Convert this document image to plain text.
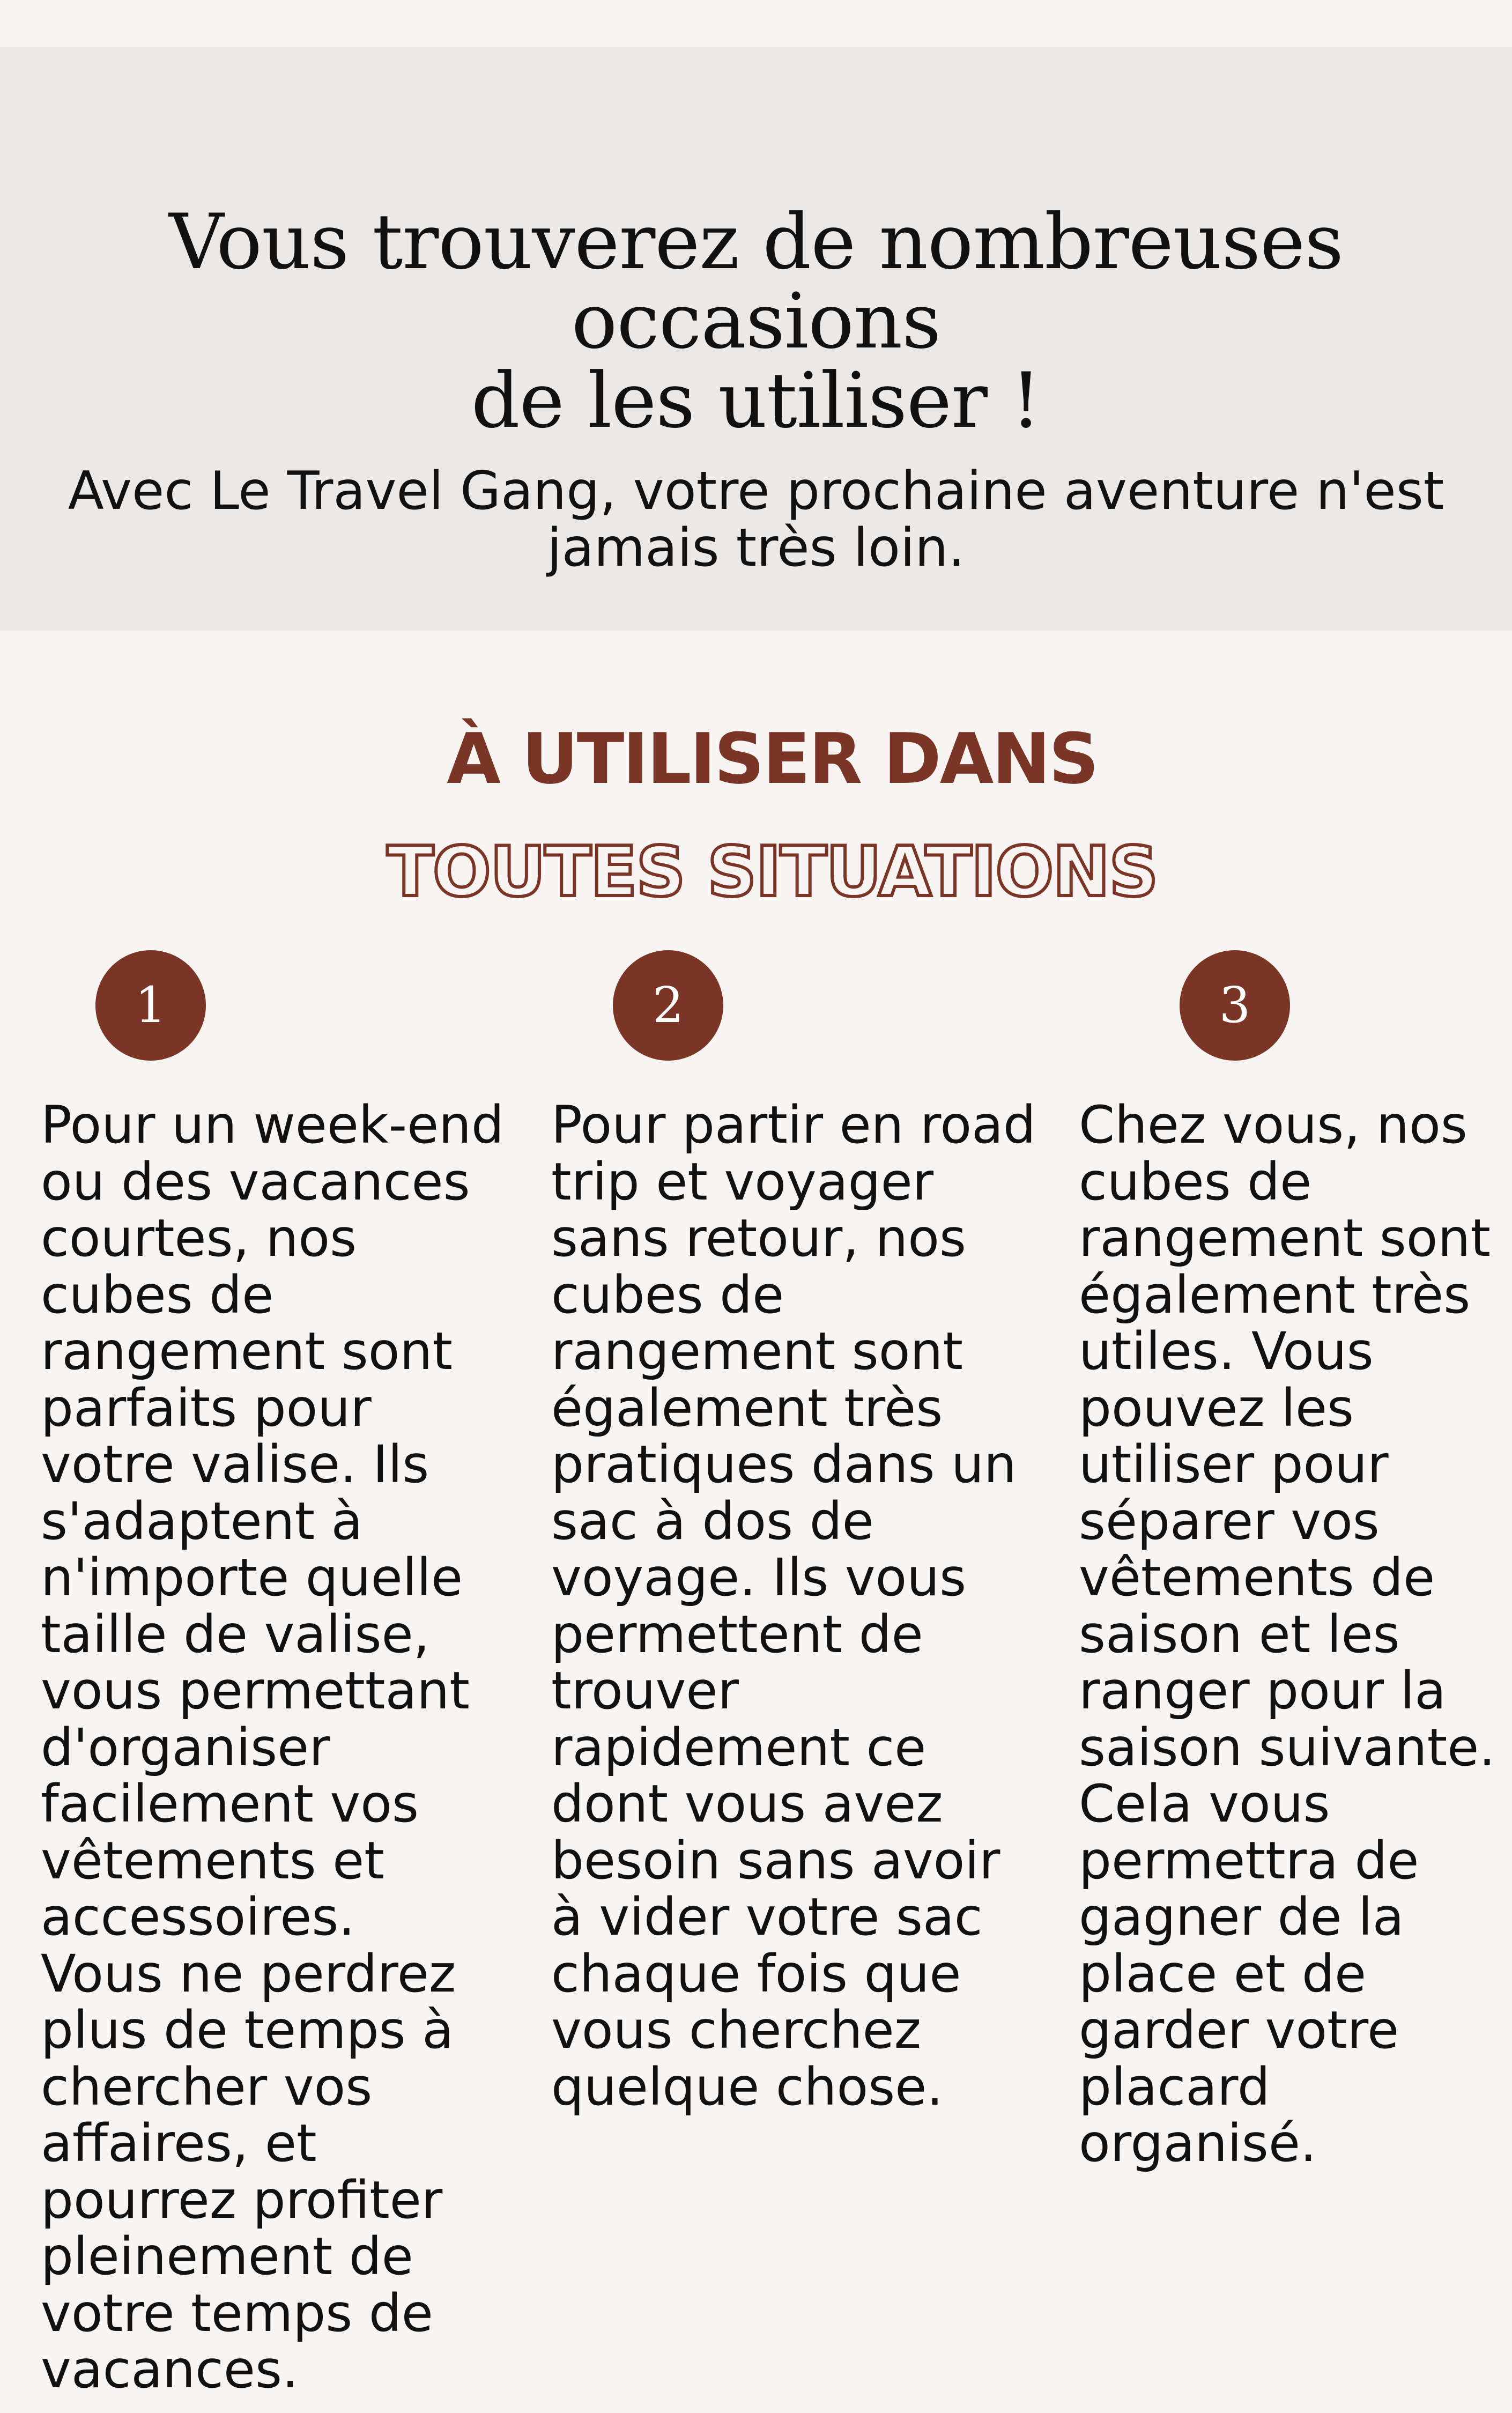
Vous trouverez de nombreuses occasions
de les utiliser !

Avec Le Travel Gang, votre prochaine aventure n'est
jamais très loin.

À UTILISER DANS
TOUTES SITUATIONS
1	2	3

Pour un week-end
ou des vacances
courtes, nos
cubes de
rangement sont
parfaits pour
votre valise. Ils
s'adaptent à
n'importe quelle
taille de valise,
vous permettant
d'organiser
facilement vos
vêtements et
accessoires.
Vous ne perdrez
plus de temps à
chercher vos
affaires, et
pourrez profiter
pleinement de
votre temps de
vacances.

Pour partir en road
trip et voyager
sans retour, nos
cubes de
rangement sont
également très
pratiques dans un
sac à dos de
voyage. Ils vous
permettent de
trouver
rapidement ce
dont vous avez
besoin sans avoir
à vider votre sac
chaque fois que
vous cherchez
quelque chose.

Chez vous, nos
cubes de
rangement sont
également très
utiles. Vous
pouvez les
utiliser pour
séparer vos
vêtements de
saison et les
ranger pour la
saison suivante.
Cela vous
permettra de
gagner de la
place et de
garder votre
placard
organisé.
